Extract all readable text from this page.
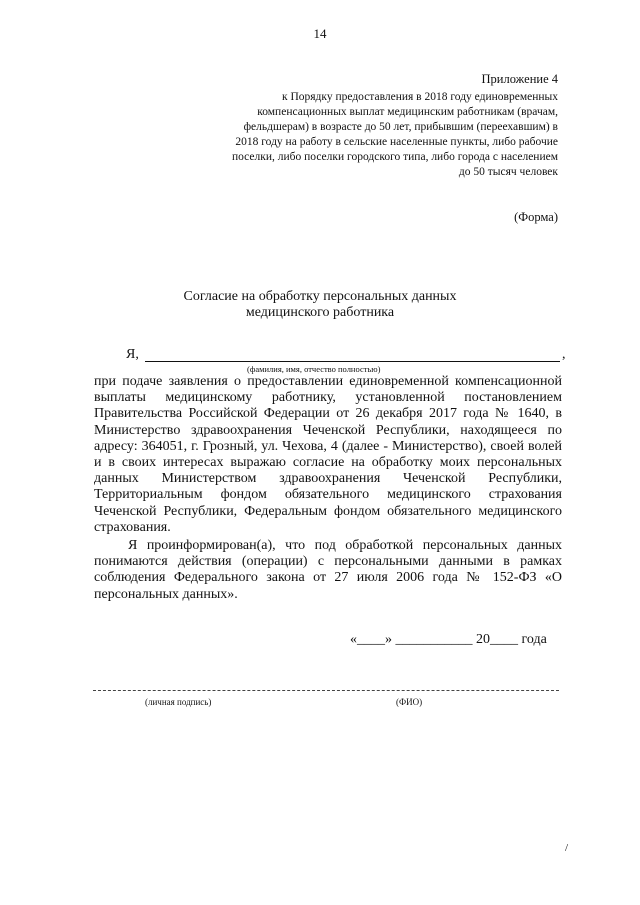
14
Приложение 4
к Порядку предоставления в 2018 году единовременных компенсационных выплат медицинским работникам (врачам, фельдшерам) в возрасте до 50 лет, прибывшим (переехавшим) в 2018 году на работу в сельские населенные пункты, либо рабочие поселки, либо поселки городского типа, либо города с населением до 50 тысяч человек
(Форма)
Согласие на обработку персональных данных
медицинского работника
Я,	,
(фамилия, имя, отчество полностью)

при подаче заявления о предоставлении единовременной компенсационной выплаты медицинскому работнику, установленной постановлением Правительства Российской Федерации от 26 декабря 2017 года № 1640, в Министерство здравоохранения Чеченской Республики, находящееся по адресу: 364051, г. Грозный, ул. Чехова, 4 (далее - Министерство), своей волей и в своих интересах выражаю согласие на обработку моих персональных данных Министерством здравоохранения Чеченской Республики, Территориальным фондом обязательного медицинского страхования Чеченской Республики, Федеральным фондом обязательного медицинского страхования.

Я проинформирован(а), что под обработкой персональных данных понимаются действия (операции) с персональными данными в рамках соблюдения Федерального закона от 27 июля 2006 года № 152-ФЗ «О персональных данных».

«____» ___________ 20____ года
(личная подпись)	(ФИО)
/
